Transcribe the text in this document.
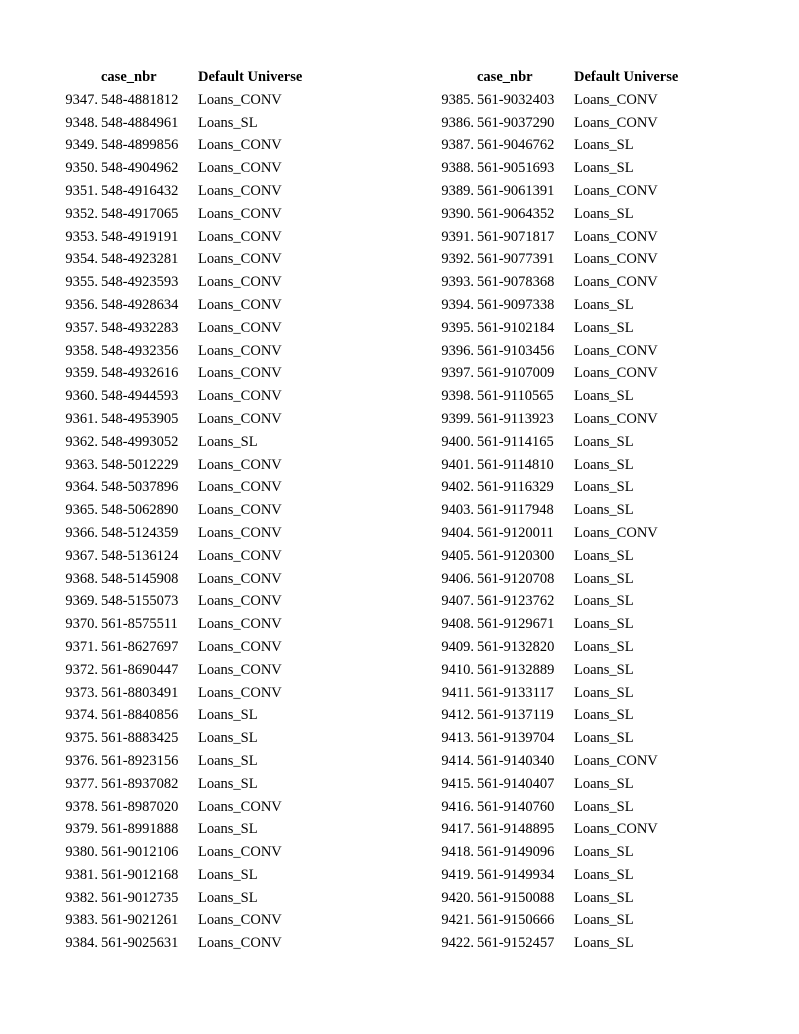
	case_nbr	Default Universe
9347.	548-4881812	Loans_CONV
9348.	548-4884961	Loans_SL
9349.	548-4899856	Loans_CONV
9350.	548-4904962	Loans_CONV
9351.	548-4916432	Loans_CONV
9352.	548-4917065	Loans_CONV
9353.	548-4919191	Loans_CONV
9354.	548-4923281	Loans_CONV
9355.	548-4923593	Loans_CONV
9356.	548-4928634	Loans_CONV
9357.	548-4932283	Loans_CONV
9358.	548-4932356	Loans_CONV
9359.	548-4932616	Loans_CONV
9360.	548-4944593	Loans_CONV
9361.	548-4953905	Loans_CONV
9362.	548-4993052	Loans_SL
9363.	548-5012229	Loans_CONV
9364.	548-5037896	Loans_CONV
9365.	548-5062890	Loans_CONV
9366.	548-5124359	Loans_CONV
9367.	548-5136124	Loans_CONV
9368.	548-5145908	Loans_CONV
9369.	548-5155073	Loans_CONV
9370.	561-8575511	Loans_CONV
9371.	561-8627697	Loans_CONV
9372.	561-8690447	Loans_CONV
9373.	561-8803491	Loans_CONV
9374.	561-8840856	Loans_SL
9375.	561-8883425	Loans_SL
9376.	561-8923156	Loans_SL
9377.	561-8937082	Loans_SL
9378.	561-8987020	Loans_CONV
9379.	561-8991888	Loans_SL
9380.	561-9012106	Loans_CONV
9381.	561-9012168	Loans_SL
9382.	561-9012735	Loans_SL
9383.	561-9021261	Loans_CONV
9384.	561-9025631	Loans_CONV
	case_nbr	Default Universe
9385.	561-9032403	Loans_CONV
9386.	561-9037290	Loans_CONV
9387.	561-9046762	Loans_SL
9388.	561-9051693	Loans_SL
9389.	561-9061391	Loans_CONV
9390.	561-9064352	Loans_SL
9391.	561-9071817	Loans_CONV
9392.	561-9077391	Loans_CONV
9393.	561-9078368	Loans_CONV
9394.	561-9097338	Loans_SL
9395.	561-9102184	Loans_SL
9396.	561-9103456	Loans_CONV
9397.	561-9107009	Loans_CONV
9398.	561-9110565	Loans_SL
9399.	561-9113923	Loans_CONV
9400.	561-9114165	Loans_SL
9401.	561-9114810	Loans_SL
9402.	561-9116329	Loans_SL
9403.	561-9117948	Loans_SL
9404.	561-9120011	Loans_CONV
9405.	561-9120300	Loans_SL
9406.	561-9120708	Loans_SL
9407.	561-9123762	Loans_SL
9408.	561-9129671	Loans_SL
9409.	561-9132820	Loans_SL
9410.	561-9132889	Loans_SL
9411.	561-9133117	Loans_SL
9412.	561-9137119	Loans_SL
9413.	561-9139704	Loans_SL
9414.	561-9140340	Loans_CONV
9415.	561-9140407	Loans_SL
9416.	561-9140760	Loans_SL
9417.	561-9148895	Loans_CONV
9418.	561-9149096	Loans_SL
9419.	561-9149934	Loans_SL
9420.	561-9150088	Loans_SL
9421.	561-9150666	Loans_SL
9422.	561-9152457	Loans_SL
